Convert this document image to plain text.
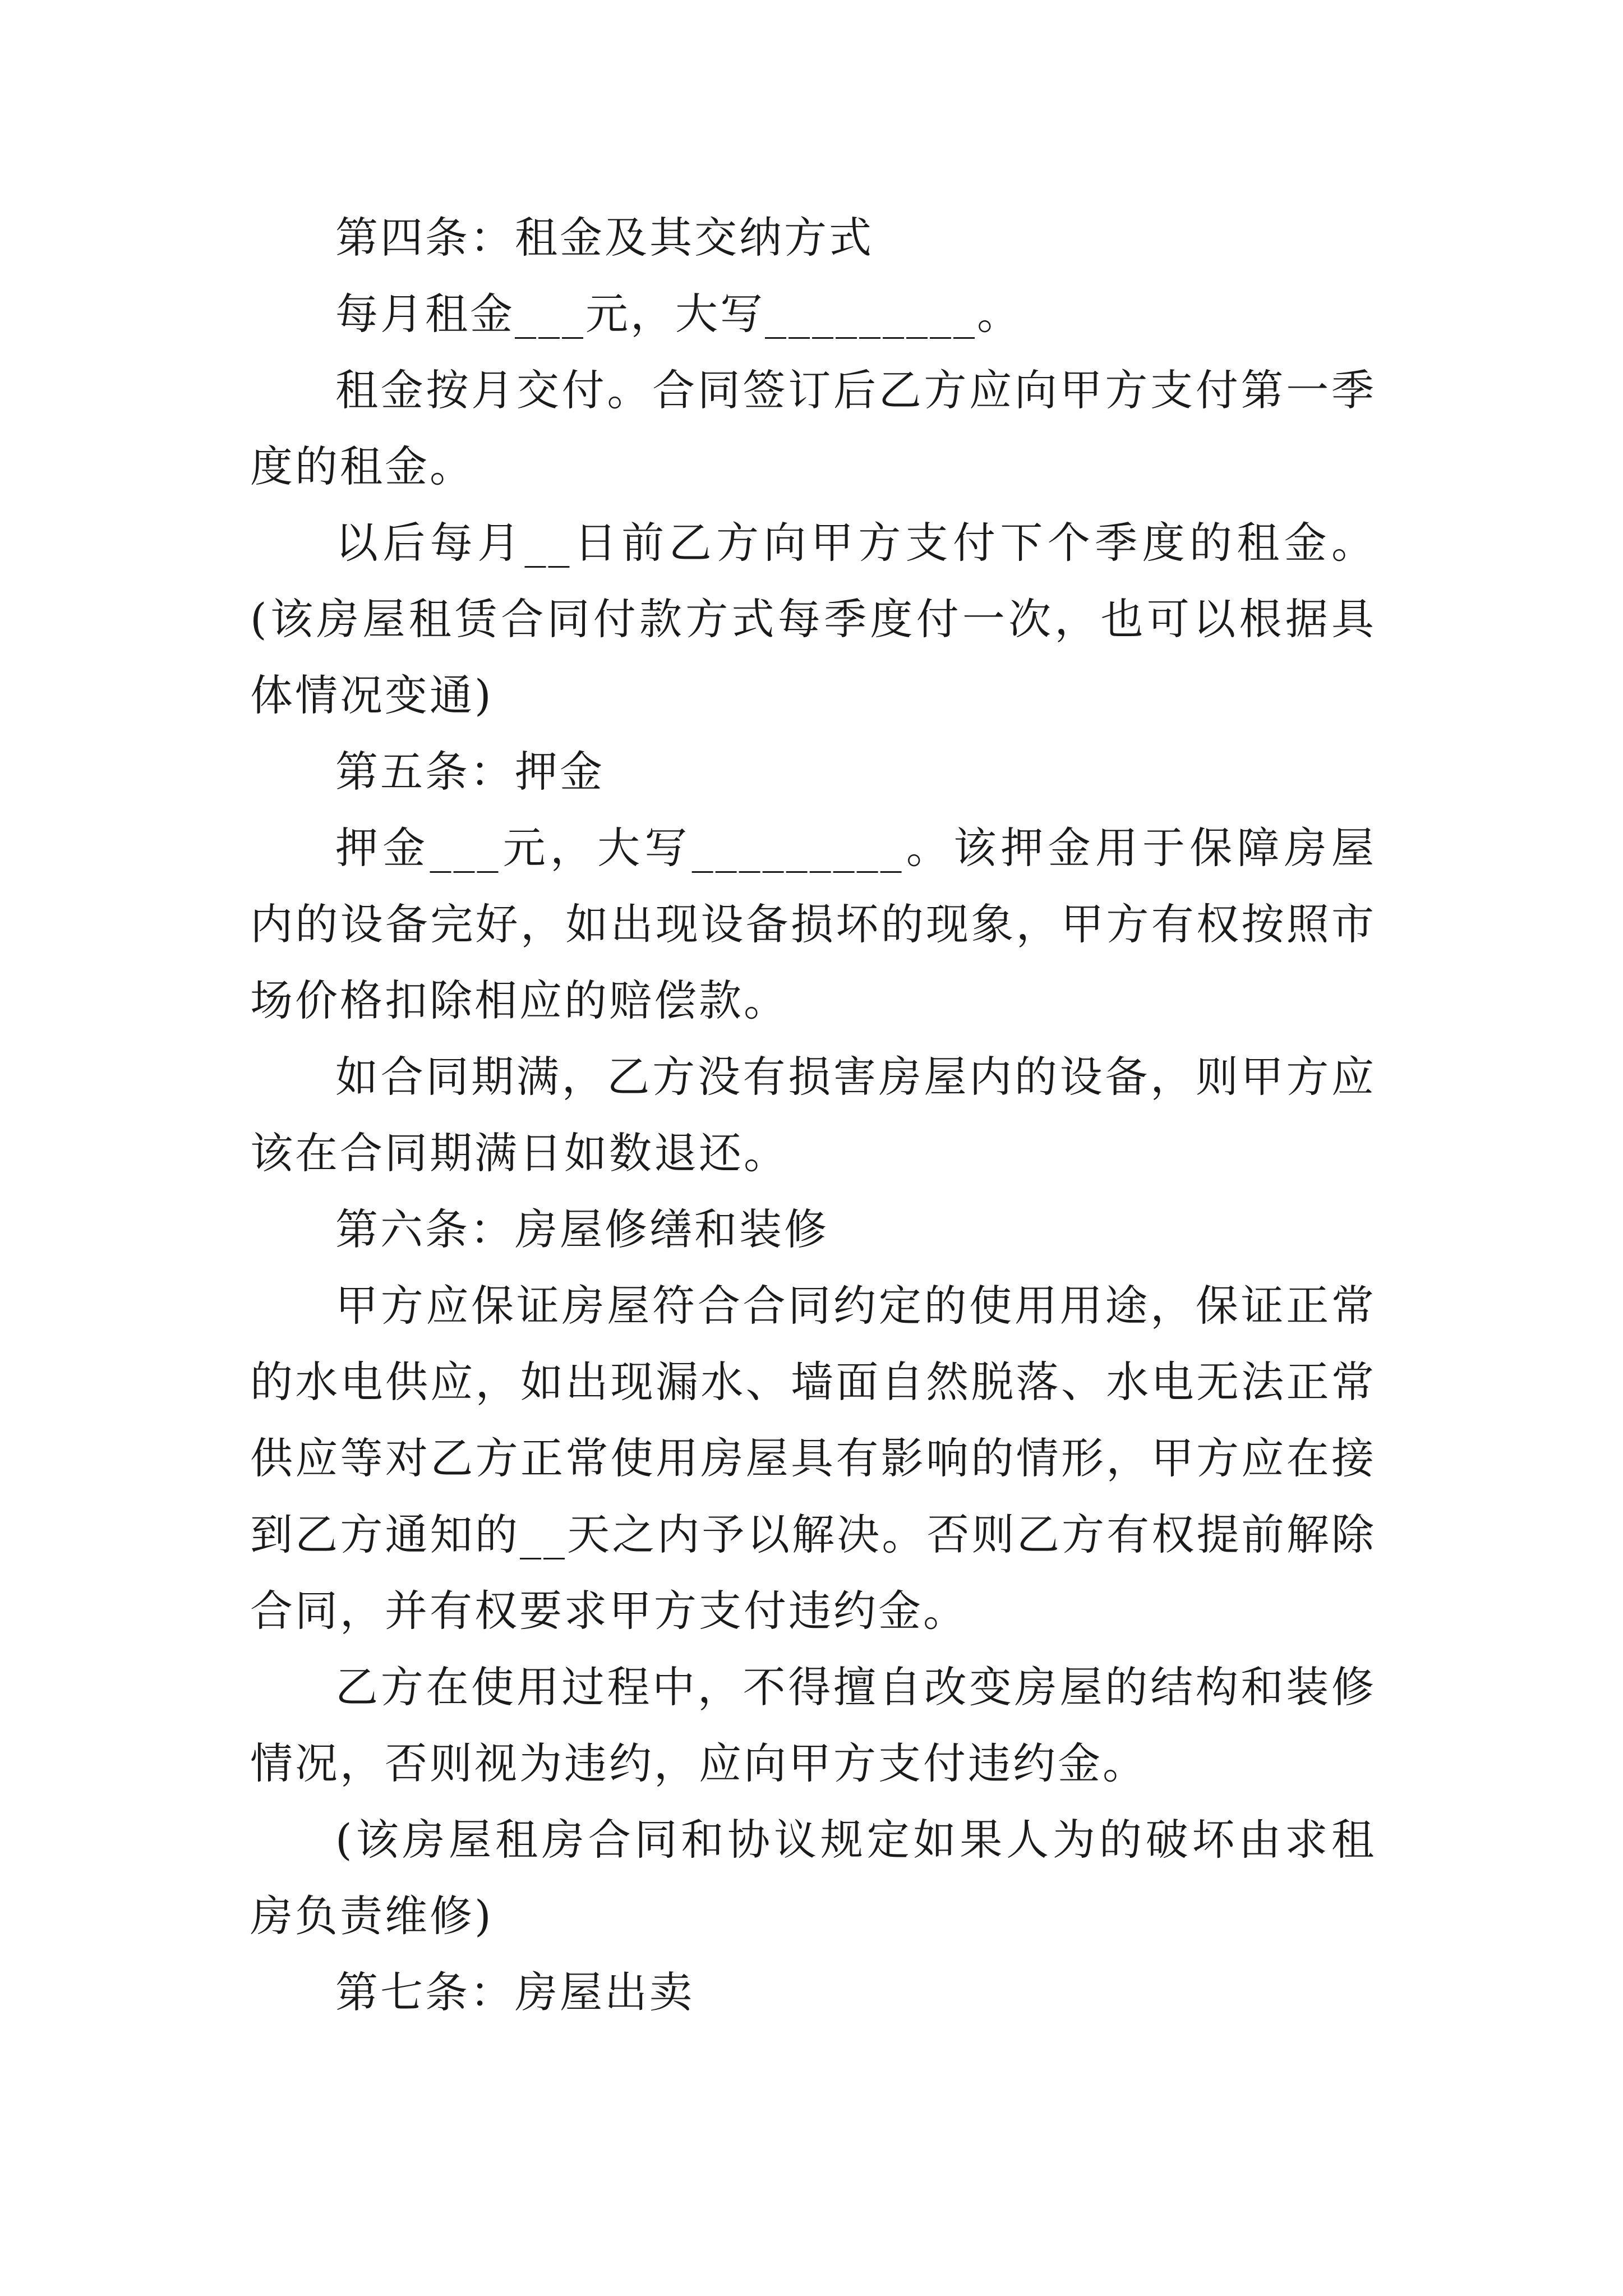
第四条：租金及其交纳方式

每月租金___元，大写_________。

租金按月交付。合同签订后乙方应向甲方支付第一季度的租金。

以后每月__日前乙方向甲方支付下个季度的租金。(该房屋租赁合同付款方式每季度付一次，也可以根据具体情况变通)

第五条：押金

押金___元，大写_________。该押金用于保障房屋内的设备完好，如出现设备损坏的现象，甲方有权按照市场价格扣除相应的赔偿款。

如合同期满，乙方没有损害房屋内的设备，则甲方应该在合同期满日如数退还。

第六条：房屋修缮和装修

甲方应保证房屋符合合同约定的使用用途，保证正常的水电供应，如出现漏水、墙面自然脱落、水电无法正常供应等对乙方正常使用房屋具有影响的情形，甲方应在接到乙方通知的__天之内予以解决。否则乙方有权提前解除合同，并有权要求甲方支付违约金。

乙方在使用过程中，不得擅自改变房屋的结构和装修情况，否则视为违约，应向甲方支付违约金。

(该房屋租房合同和协议规定如果人为的破坏由求租房负责维修)

第七条：房屋出卖
